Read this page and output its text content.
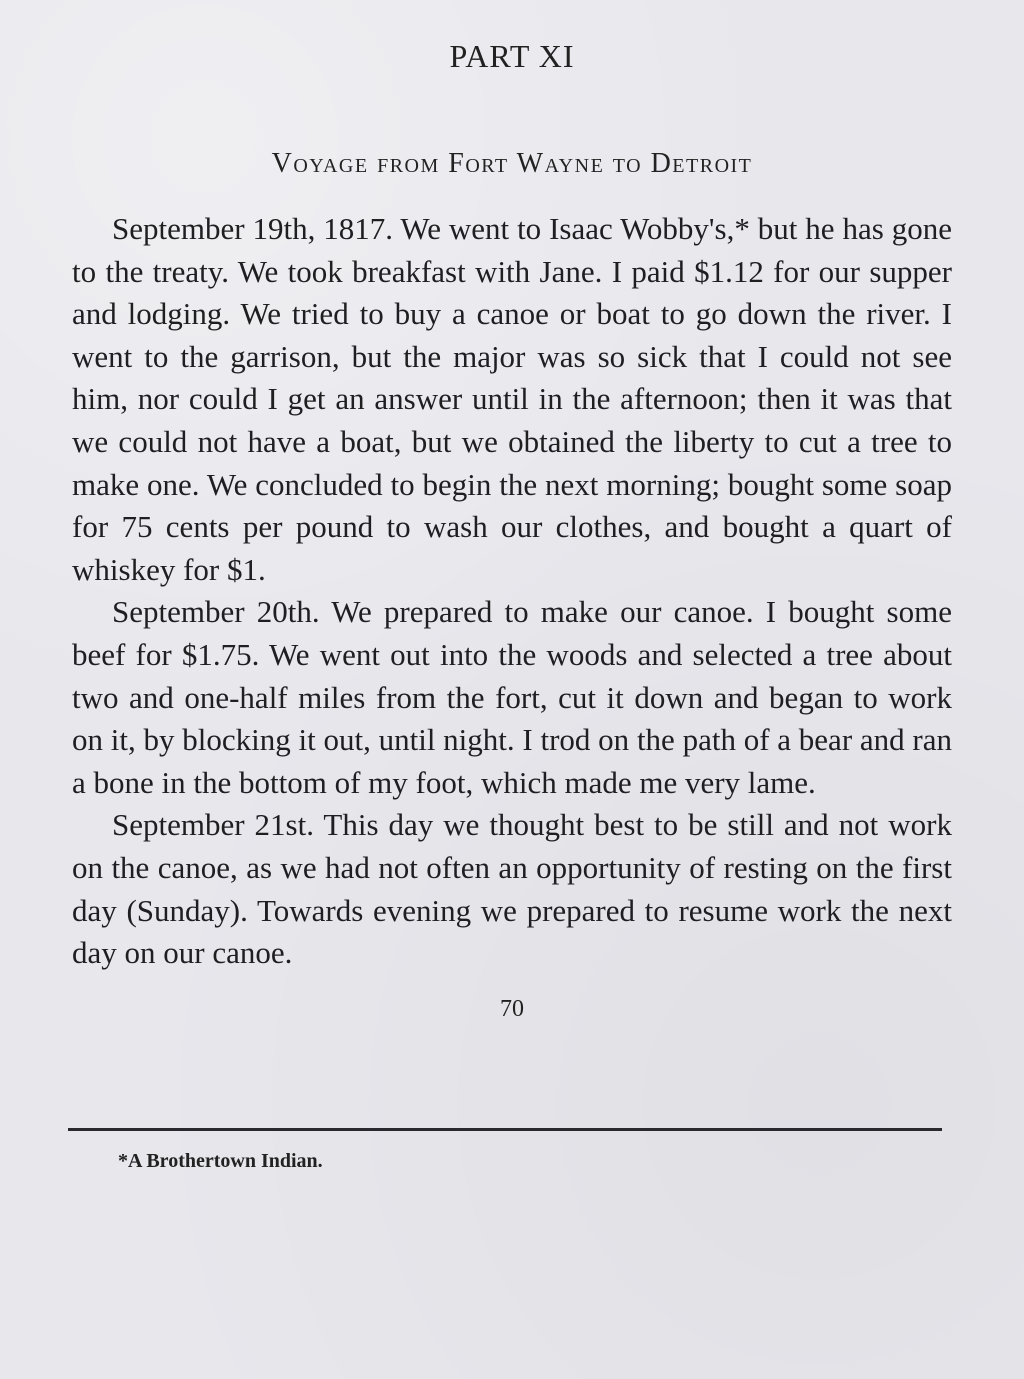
PART XI
Voyage from Fort Wayne to Detroit

September 19th, 1817. We went to Isaac Wobby's,* but he has gone to the treaty. We took breakfast with Jane. I paid $1.12 for our supper and lodging. We tried to buy a canoe or boat to go down the river. I went to the garrison, but the major was so sick that I could not see him, nor could I get an answer until in the afternoon; then it was that we could not have a boat, but we obtained the liberty to cut a tree to make one. We concluded to begin the next morning; bought some soap for 75 cents per pound to wash our clothes, and bought a quart of whiskey for $1.

September 20th. We prepared to make our canoe. I bought some beef for $1.75. We went out into the woods and selected a tree about two and one-half miles from the fort, cut it down and began to work on it, by blocking it out, until night. I trod on the path of a bear and ran a bone in the bottom of my foot, which made me very lame.

September 21st. This day we thought best to be still and not work on the canoe, as we had not often an opportunity of resting on the first day (Sunday). Towards evening we prepared to resume work the next day on our canoe.

*A Brothertown Indian.
70
